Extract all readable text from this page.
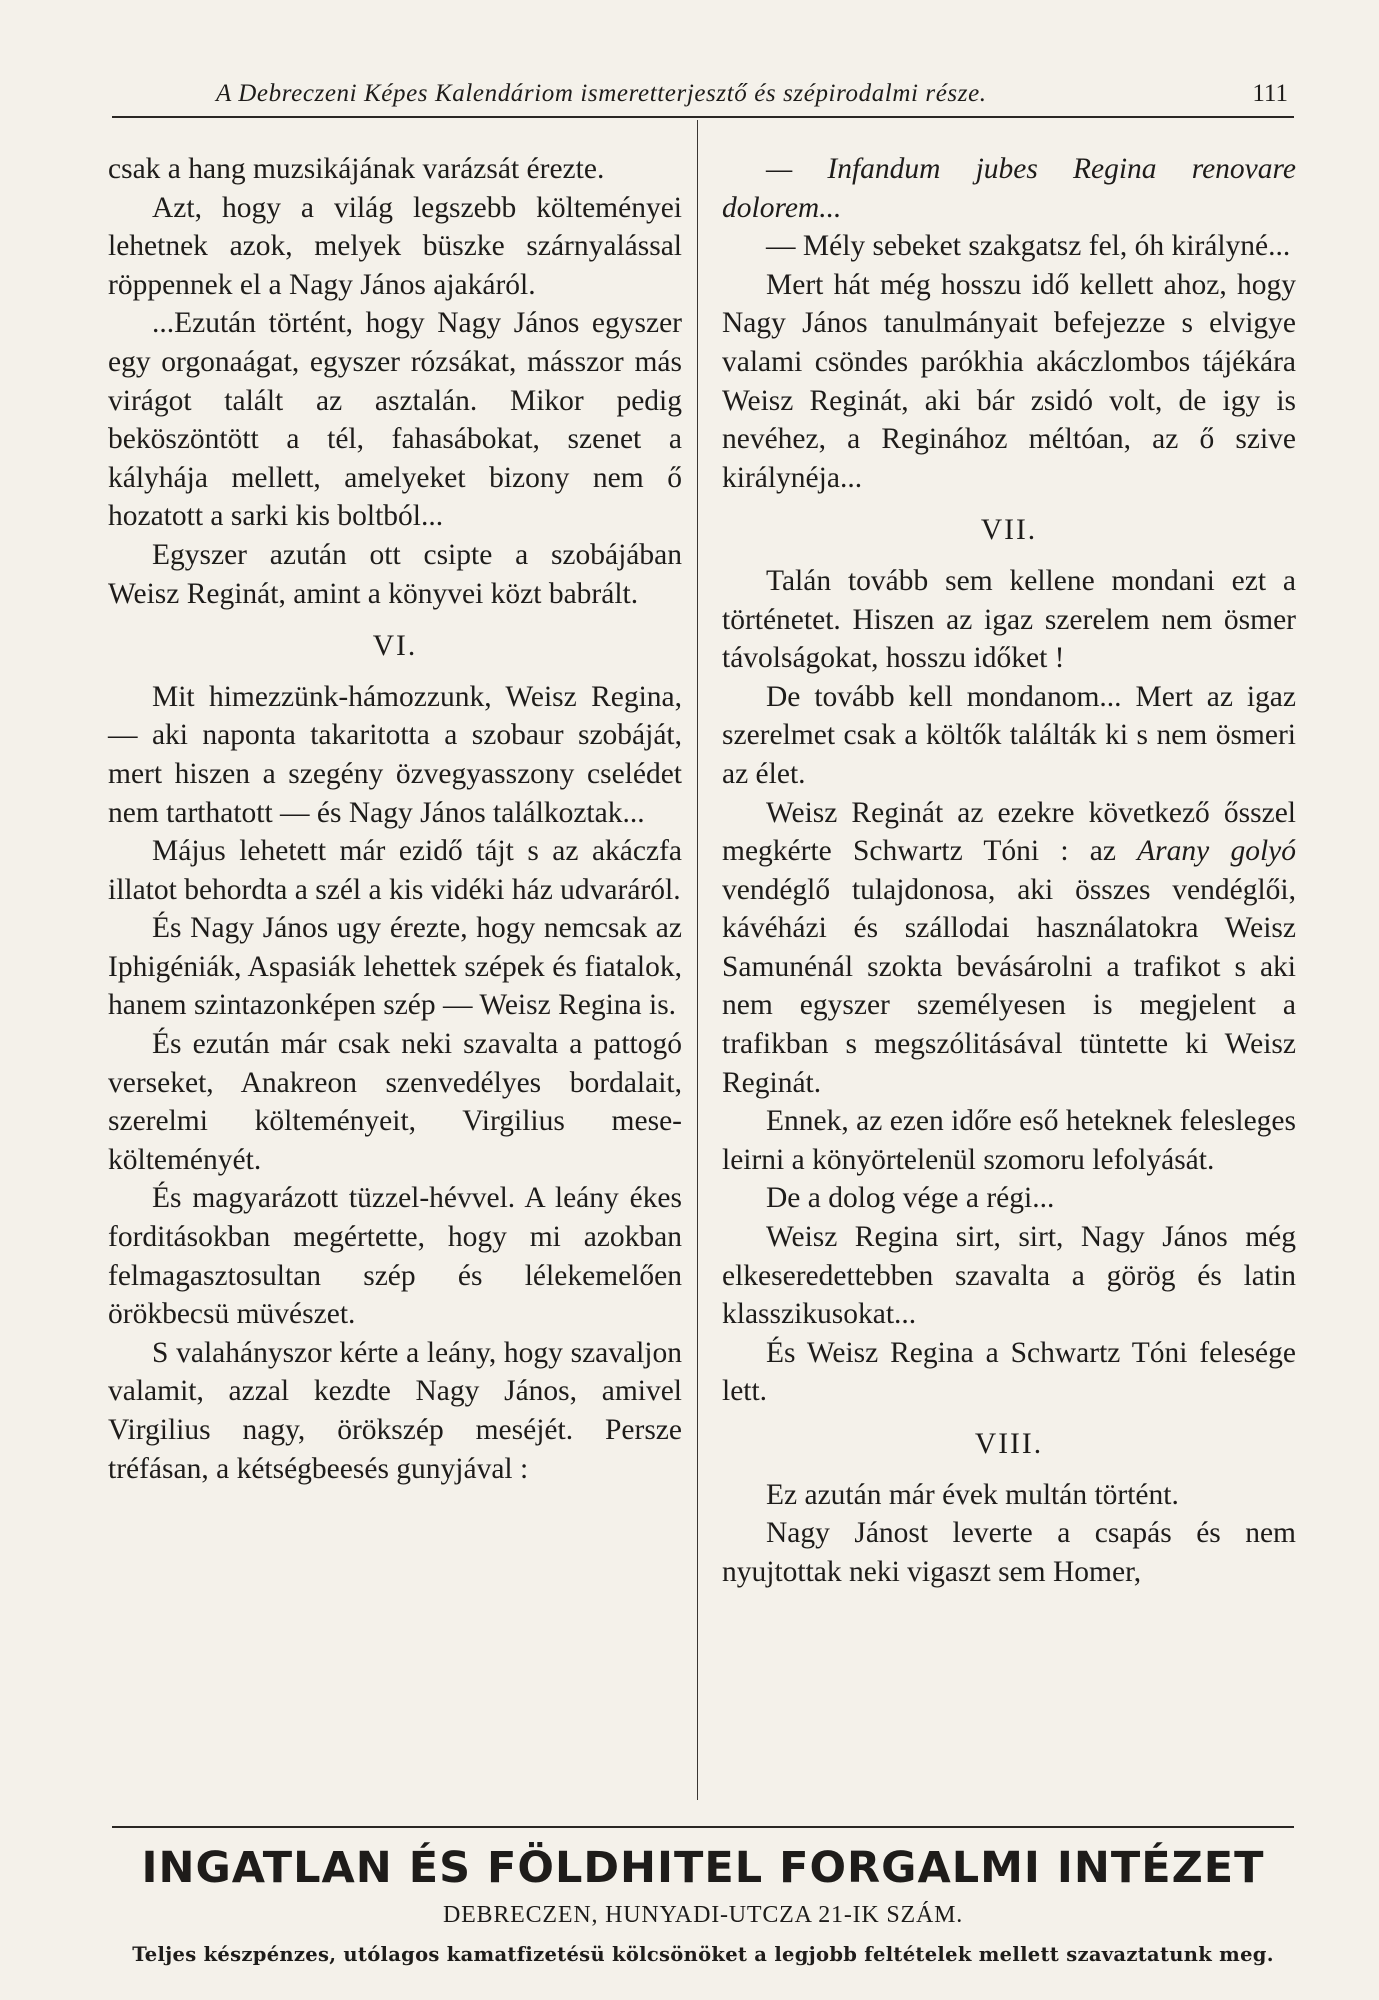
A Debreczeni Képes Kalendáriom ismeretterjesztő és szépirodalmi része.	111

csak a hang muzsikájának varázsát érezte.

Azt, hogy a világ legszebb költeményei lehetnek azok, melyek büszke szárnyalással röppennek el a Nagy János ajakáról.

...Ezután történt, hogy Nagy János egyszer egy orgonaágat, egyszer rózsákat, másszor más virágot talált az asztalán. Mikor pedig beköszöntött a tél, fahasábokat, szenet a kályhája mellett, amelyeket bizony nem ő hozatott a sarki kis boltból...

Egyszer azután ott csipte a szobájában Weisz Reginát, amint a könyvei közt babrált.

VI.

Mit himezzünk-hámozzunk, Weisz Regina, — aki naponta takaritotta a szobaur szobáját, mert hiszen a szegény özvegyasszony cselédet nem tarthatott — és Nagy János találkoztak...

Május lehetett már ezidő tájt s az akáczfa illatot behordta a szél a kis vidéki ház udvaráról.

És Nagy János ugy érezte, hogy nemcsak az Iphigéniák, Aspasiák lehettek szépek és fiatalok, hanem szintazonképen szép — Weisz Regina is.

És ezután már csak neki szavalta a pattogó verseket, Anakreon szenvedélyes bordalait, szerelmi költeményeit, Virgilius mese-költeményét.

És magyarázott tüzzel-hévvel. A leány ékes forditásokban megértette, hogy mi azokban felmagasztosultan szép és lélekemelően örökbecsü müvészet.

S valahányszor kérte a leány, hogy szavaljon valamit, azzal kezdte Nagy János, amivel Virgilius nagy, örökszép meséjét. Persze tréfásan, a kétségbeesés gunyjával :

— Infandum jubes Regina renovare dolorem...

— Mély sebeket szakgatsz fel, óh királyné...

Mert hát még hosszu idő kellett ahoz, hogy Nagy János tanulmányait befejezze s elvigye valami csöndes parókhia akáczlombos tájékára Weisz Reginát, aki bár zsidó volt, de igy is nevéhez, a Reginához méltóan, az ő szive királynéja...

VII.

Talán tovább sem kellene mondani ezt a történetet. Hiszen az igaz szerelem nem ösmer távolságokat, hosszu időket !

De tovább kell mondanom... Mert az igaz szerelmet csak a költők találták ki s nem ösmeri az élet.

Weisz Reginát az ezekre következő ősszel megkérte Schwartz Tóni : az Arany golyó vendéglő tulajdonosa, aki összes vendéglői, kávéházi és szállodai használatokra Weisz Samunénál szokta bevásárolni a trafikot s aki nem egyszer személyesen is megjelent a trafikban s megszólitásával tüntette ki Weisz Reginát.

Ennek, az ezen időre eső heteknek felesleges leirni a könyörtelenül szomoru lefolyását.

De a dolog vége a régi...

Weisz Regina sirt, sirt, Nagy János még elkeseredettebben szavalta a görög és latin klasszikusokat...

És Weisz Regina a Schwartz Tóni felesége lett.

VIII.

Ez azután már évek multán történt.

Nagy Jánost leverte a csapás és nem nyujtottak neki vigaszt sem Homer,

INGATLAN ÉS FÖLDHITEL FORGALMI INTÉZET
DEBRECZEN, HUNYADI-UTCZA 21-IK SZÁM.
Teljes készpénzes, utólagos kamatfizetésü kölcsönöket a legjobb feltételek mellett szavaztatunk meg.
